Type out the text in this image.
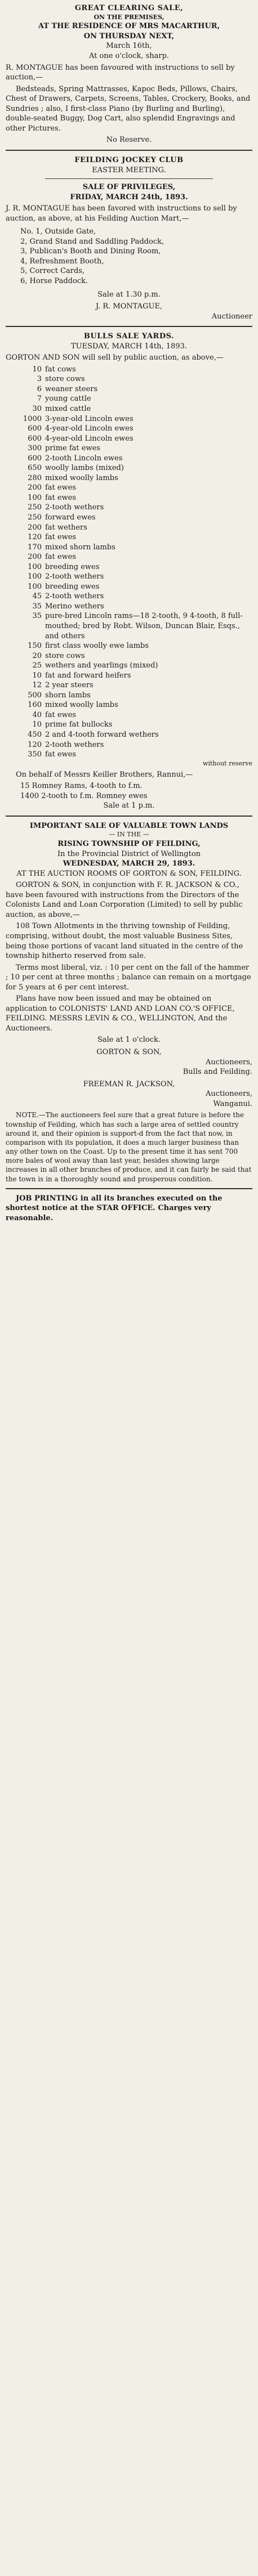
GREAT CLEARING SALE,
ON THE PREMISES,
AT THE RESIDENCE OF MRS MACARTHUR,
ON THURSDAY NEXT,
March 16th,
At one o'clock, sharp.

R. MONTAGUE has been favoured with instructions to sell by auction,—

Bedsteads, Spring Mattrasses, Kapoc Beds, Pillows, Chairs, Chest of Drawers, Carpets, Screens, Tables, Crockery, Books, and Sundries ; also, I first-class Piano (by Burling and Burling), double-seated Buggy, Dog Cart, also splendid Engravings and other Pictures.

No Reserve.
FEILDING JOCKEY CLUB
EASTER MEETING.
SALE OF PRIVILEGES,
FRIDAY, MARCH 24th, 1893.

J. R. MONTAGUE has been favored with instructions to sell by auction, as above, at his Feilding Auction Mart,—

No. 1, Outside Gate,
2, Grand Stand and Saddling Paddock,
3, Publican's Booth and Dining Room,
4, Refreshment Booth,
5, Correct Cards,
6, Horse Paddock.
Sale at 1.30 p.m.
J. R. MONTAGUE,
Auctioneer
BULLS SALE YARDS.
TUESDAY, MARCH 14th, 1893.

GORTON AND SON will sell by public auction, as above,—

10 fat cows
3 store cows
6 weaner steers
7 young cattle
30 mixed cattle
1000 3-year-old Lincoln ewes
600 4-year-old Lincoln ewes
600 4-year-old Lincoln ewes
300 prime fat ewes
600 2-tooth Lincoln ewes
650 woolly lambs (mixed)
280 mixed woolly lambs
200 fat ewes
100 fat ewes
250 2-tooth wethers
250 forward ewes
200 fat wethers
120 fat ewes
170 mixed shorn lambs
200 fat ewes
100 breeding ewes
100 2-tooth wethers
100 breeding ewes
45 2-tooth wethers
35 Merino wethers
35 pure-bred Lincoln rams—18 2-tooth, 9 4-tooth, 8 full-mouthed; bred by Robt. Wilson, Duncan Blair, Esqs., and others
150 first class woolly ewe lambs
20 store cows
25 wethers and yearlings (mixed)
10 fat and forward heifers
12 2 year steers
500 shorn lambs
160 mixed woolly lambs
40 fat ewes
10 prime fat bullocks
450 2 and 4-tooth forward wethers
120 2-tooth wethers
350 fat ewes
without reserve

On behalf of Messrs Keiller Brothers, Rannui,—

15 Romney Rams, 4-tooth to f.m.
1400 2-tooth to f.m. Romney ewes
Sale at 1 p.m.
IMPORTANT SALE OF VALUABLE TOWN LANDS
— IN THE —
RISING TOWNSHIP OF FEILDING,
In the Provincial District of Wellington
WEDNESDAY, MARCH 29, 1893.
AT THE AUCTION ROOMS OF GORTON & SON, FEILDING.

GORTON & SON, in conjunction with F. R. JACKSON & CO., have been favoured with instructions from the Directors of the Colonists Land and Loan Corporation (Limited) to sell by public auction, as above,—

108 Town Allotments in the thriving township of Feilding, comprising, without doubt, the most valuable Business Sites, being those portions of vacant land situated in the centre of the township hitherto reserved from sale.

Terms most liberal, viz. : 10 per cent on the fall of the hammer ; 10 per cent at three months ; balance can remain on a mortgage for 5 years at 6 per cent interest.

Plans have now been issued and may be obtained on application to COLONISTS' LAND AND LOAN CO.'S OFFICE, FEILDING. MESSRS LEVIN & CO., WELLINGTON, And the Auctioneers.

Sale at 1 o'clock.
GORTON & SON,
Auctioneers,
Bulls and Feilding.
FREEMAN R. JACKSON,
Auctioneers,
Wanganui.

NOTE.—The auctioneers feel sure that a great future is before the township of Feilding, which has such a large area of settled country around it, and their opinion is support-d from the fact that now, in comparison with its population, it does a much larger business than any other town on the Coast. Up to the present time it has sent 700 more bales of wool away than last year, besides showing large increases in all other branches of produce, and it can fairly be said that the town is in a thoroughly sound and prosperous condition.

JOB PRINTING in all its branches executed on the shortest notice at the STAR OFFICE. Charges very reasonable.
